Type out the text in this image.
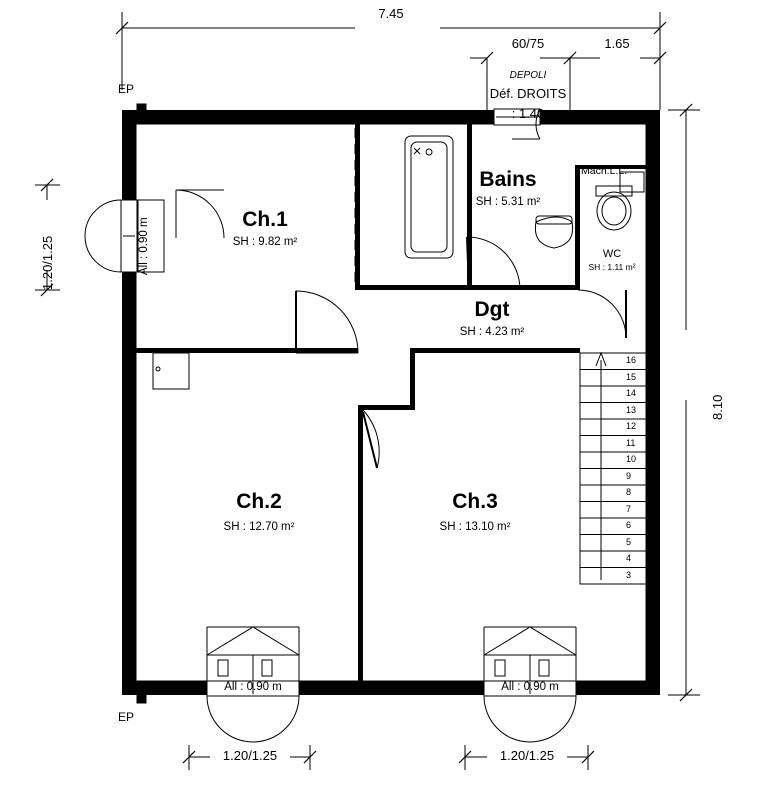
7.45
60/75	1.65
DEPOLI
Déf. DROITS
: 1.40
EP
EP
8.10
1.20/1.25	All : 0.90 m	Ch.1
SH : 9.82 m²
Bains
SH : 5.31 m²
WC
SH : 1.11 m²
Dgt
SH : 4.23 m²
Ch.2
SH : 12.70 m²
Ch.3
SH : 13.10 m²
Mach.L.L.
All : 0.90 m
1.20/1.25
All : 0.90 m
1.20/1.25
16
15
14
13
12
11
10
9
8
7
6
5
4
3
